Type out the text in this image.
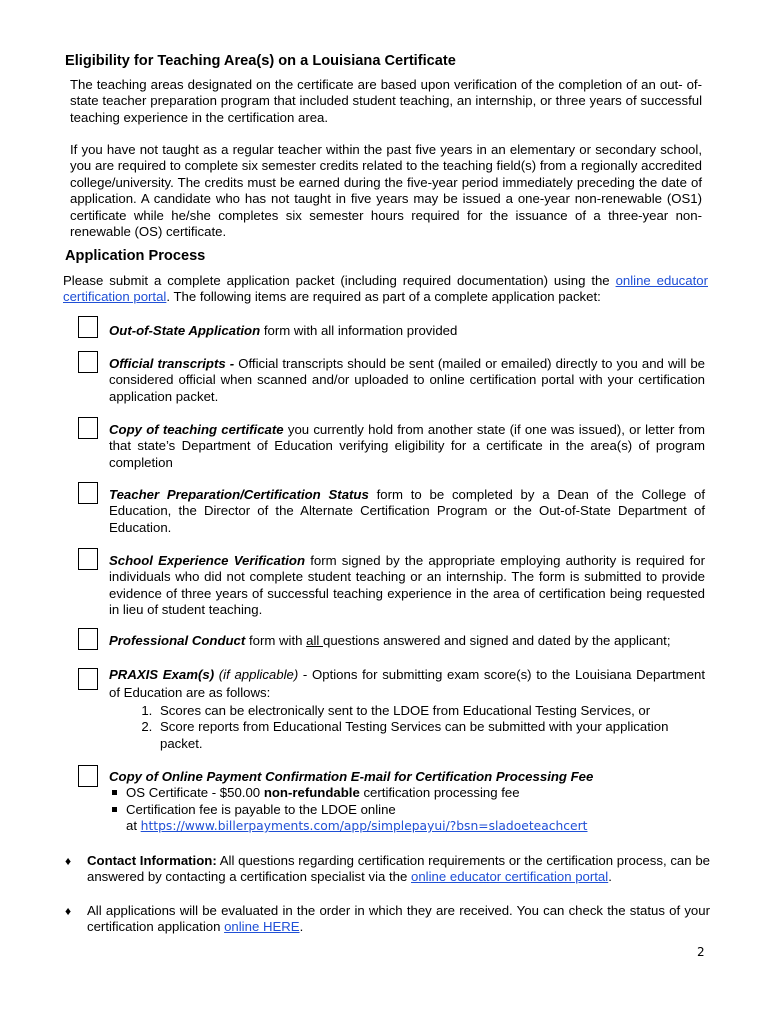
Eligibility for Teaching Area(s) on a Louisiana Certificate

The teaching areas designated on the certificate are based upon verification of the completion of an out- of-state teacher preparation program that included student teaching, an internship, or three years of successful teaching experience in the certification area.

If you have not taught as a regular teacher within the past five years in an elementary or secondary school, you are required to complete six semester credits related to the teaching field(s) from a regionally accredited college/university. The credits must be earned during the five-year period immediately preceding the date of application. A candidate who has not taught in five years may be issued a one-year non-renewable (OS1) certificate while he/she completes six semester hours required for the issuance of a three-year non-renewable (OS) certificate.

Application Process

Please submit a complete application packet (including required documentation) using the online educator certification portal. The following items are required as part of a complete application packet:

Out-of-State Application form with all information provided

Official transcripts - Official transcripts should be sent (mailed or emailed) directly to you and will be considered official when scanned and/or uploaded to online certification portal with your certification application packet.

Copy of teaching certificate you currently hold from another state (if one was issued), or letter from that state’s Department of Education verifying eligibility for a certificate in the area(s) of program completion

Teacher Preparation/Certification Status form to be completed by a Dean of the College of Education, the Director of the Alternate Certification Program or the Out-of-State Department of Education.

School Experience Verification form signed by the appropriate employing authority is required for individuals who did not complete student teaching or an internship. The form is submitted to provide evidence of three years of successful teaching experience in the area of certification being requested in lieu of student teaching.

Professional Conduct form with all questions answered and signed and dated by the applicant;

PRAXIS Exam(s) (if applicable) - Options for submitting exam score(s) to the Louisiana Department of Education are as follows:
1. Scores can be electronically sent to the LDOE from Educational Testing Services, or
2. Score reports from Educational Testing Services can be submitted with your application packet.
Copy of Online Payment Confirmation E-mail for Certification Processing Fee
OS Certificate - $50.00 non-refundable certification processing fee
Certification fee is payable to the LDOE online
at https://www.billerpayments.com/app/simplepayui/?bsn=sladoeteachcert
♦ Contact Information: All questions regarding certification requirements or the certification process, can be answered by contacting a certification specialist via the online educator certification portal.

♦ All applications will be evaluated in the order in which they are received. You can check the status of your certification application online HERE.

2
